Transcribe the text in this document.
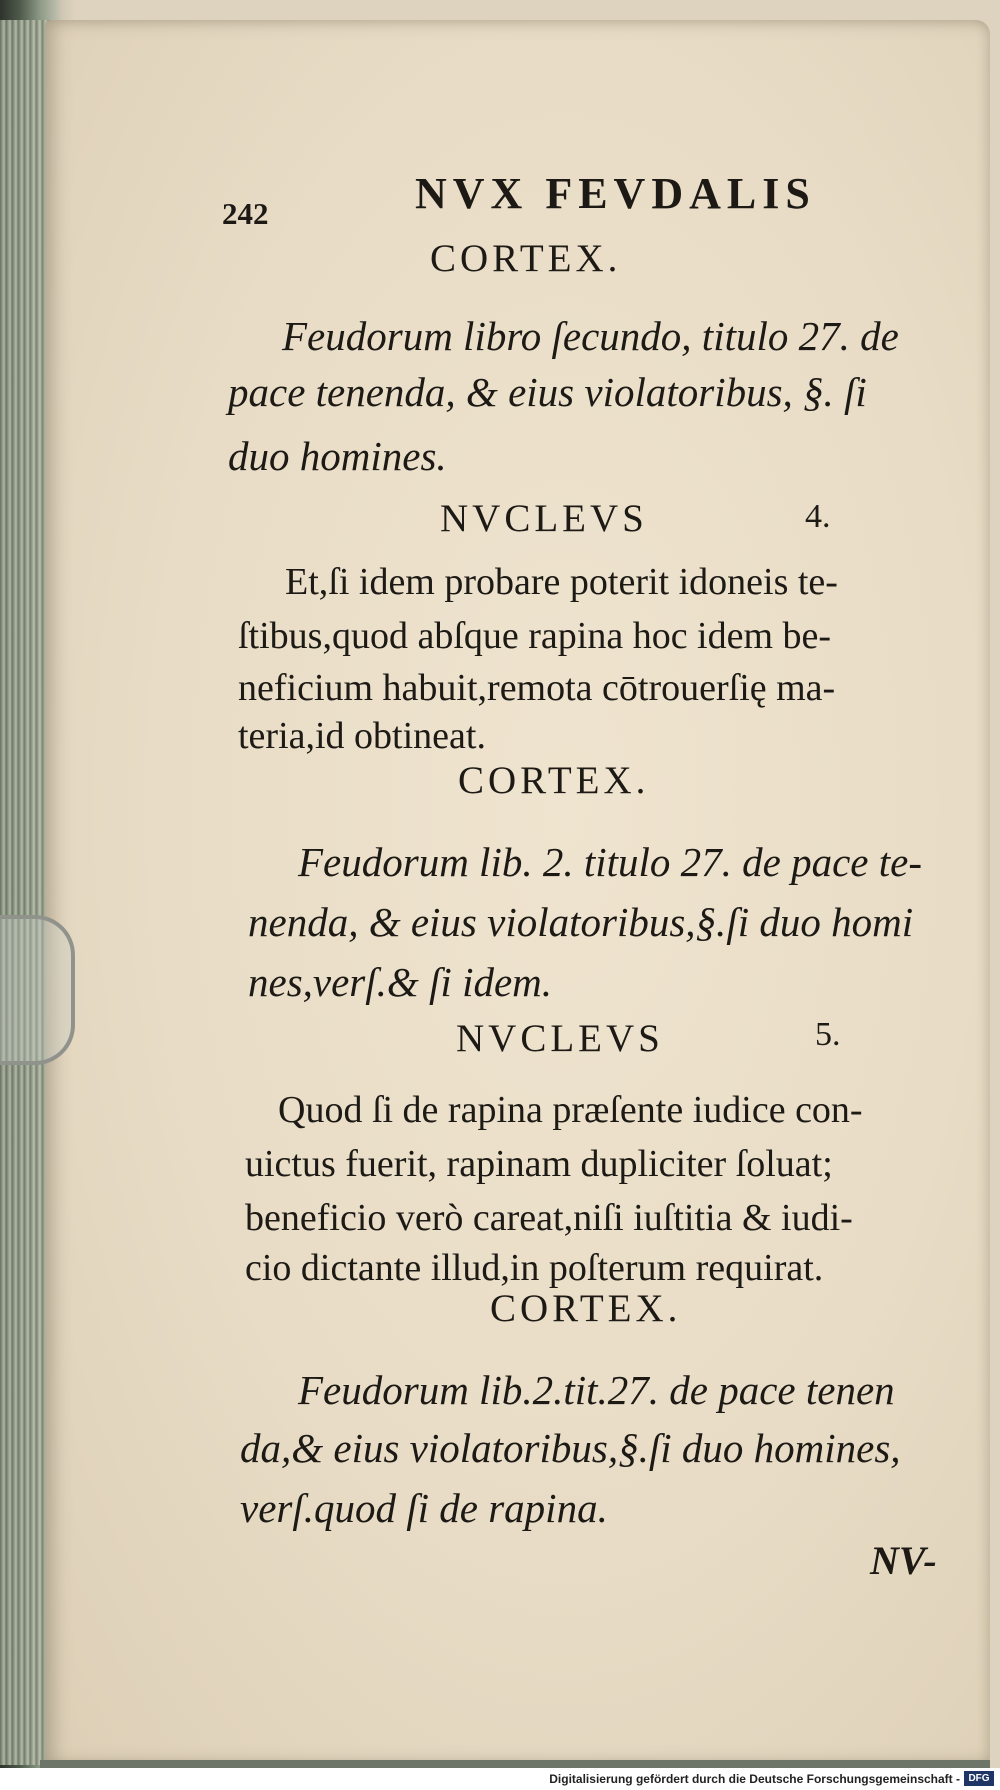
242	NVX FEVDALIS
CORTEX.
Feudorum libro ſecundo, titulo 27. de
pace tenenda, & eius violatoribus, §. ſi
duo homines.
NVCLEVS	4.
Et,ſi idem probare poterit idoneis te-
ſtibus,quod abſque rapina hoc idem be-
neficium habuit,remota cōtrouerſię ma-
teria,id obtineat.
CORTEX.
Feudorum lib. 2. titulo 27. de pace te-
nenda, & eius violatoribus,§.ſi duo homi
nes,verſ.& ſi idem.
NVCLEVS	5.
Quod ſi de rapina præſente iudice con-
uictus fuerit, rapinam dupliciter ſoluat;
beneficio verò careat,niſi iuſtitia & iudi-
cio dictante illud,in poſterum requirat.
CORTEX.
Feudorum lib.2.tit.27. de pace tenen
da,& eius violatoribus,§.ſi duo homines,
verſ.quod ſi de rapina.
NV-
Digitalisierung gefördert durch die Deutsche Forschungsgemeinschaft - DFG
